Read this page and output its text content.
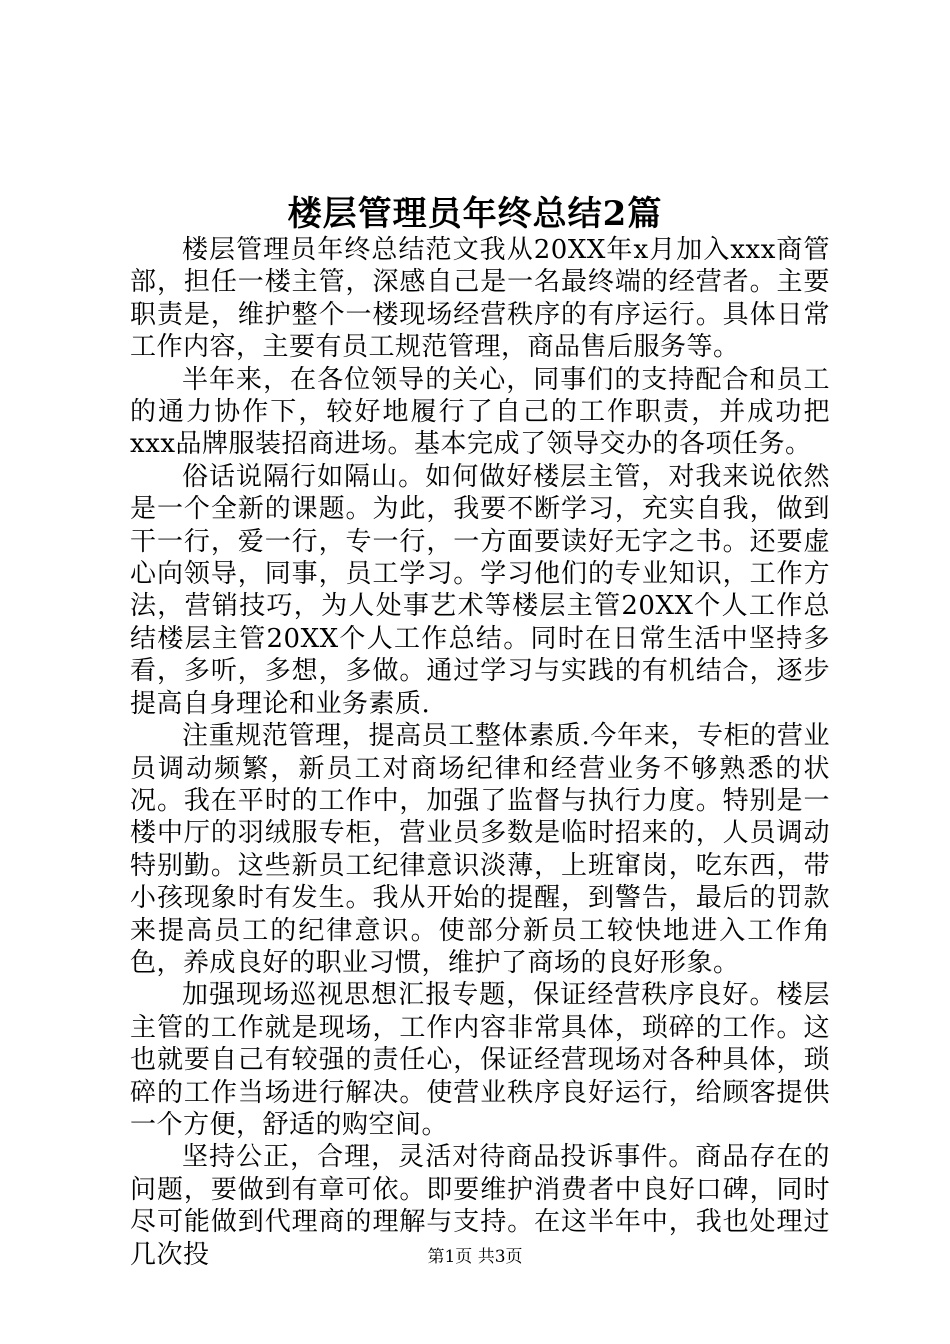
楼层管理员年终总结2篇

楼层管理员年终总结范文我从20XX年x月加入xxx商管部，担任一楼主管，深感自己是一名最终端的经营者。主要职责是，维护整个一楼现场经营秩序的有序运行。具体日常工作内容，主要有员工规范管理，商品售后服务等。

半年来，在各位领导的关心，同事们的支持配合和员工的通力协作下，较好地履行了自己的工作职责，并成功把xxx品牌服装招商进场。基本完成了领导交办的各项任务。

俗话说隔行如隔山。如何做好楼层主管，对我来说依然是一个全新的课题。为此，我要不断学习，充实自我，做到干一行，爱一行，专一行，一方面要读好无字之书。还要虚心向领导，同事，员工学习。学习他们的专业知识，工作方法，营销技巧，为人处事艺术等楼层主管20XX个人工作总结楼层主管20XX个人工作总结。同时在日常生活中坚持多看，多听，多想，多做。通过学习与实践的有机结合，逐步提高自身理论和业务素质.

注重规范管理，提高员工整体素质.今年来，专柜的营业员调动频繁，新员工对商场纪律和经营业务不够熟悉的状况。我在平时的工作中，加强了监督与执行力度。特别是一楼中厅的羽绒服专柜，营业员多数是临时招来的，人员调动特别勤。这些新员工纪律意识淡薄，上班窜岗，吃东西，带小孩现象时有发生。我从开始的提醒，到警告，最后的罚款来提高员工的纪律意识。使部分新员工较快地进入工作角色，养成良好的职业习惯，维护了商场的良好形象。

加强现场巡视思想汇报专题，保证经营秩序良好。楼层主管的工作就是现场，工作内容非常具体，琐碎的工作。这也就要自己有较强的责任心，保证经营现场对各种具体，琐碎的工作当场进行解决。使营业秩序良好运行，给顾客提供一个方便，舒适的购空间。

坚持公正，合理，灵活对待商品投诉事件。商品存在的问题，要做到有章可依。即要维护消费者中良好口碑，同时尽可能做到代理商的理解与支持。在这半年中，我也处理过几次投	第1页 共3页
